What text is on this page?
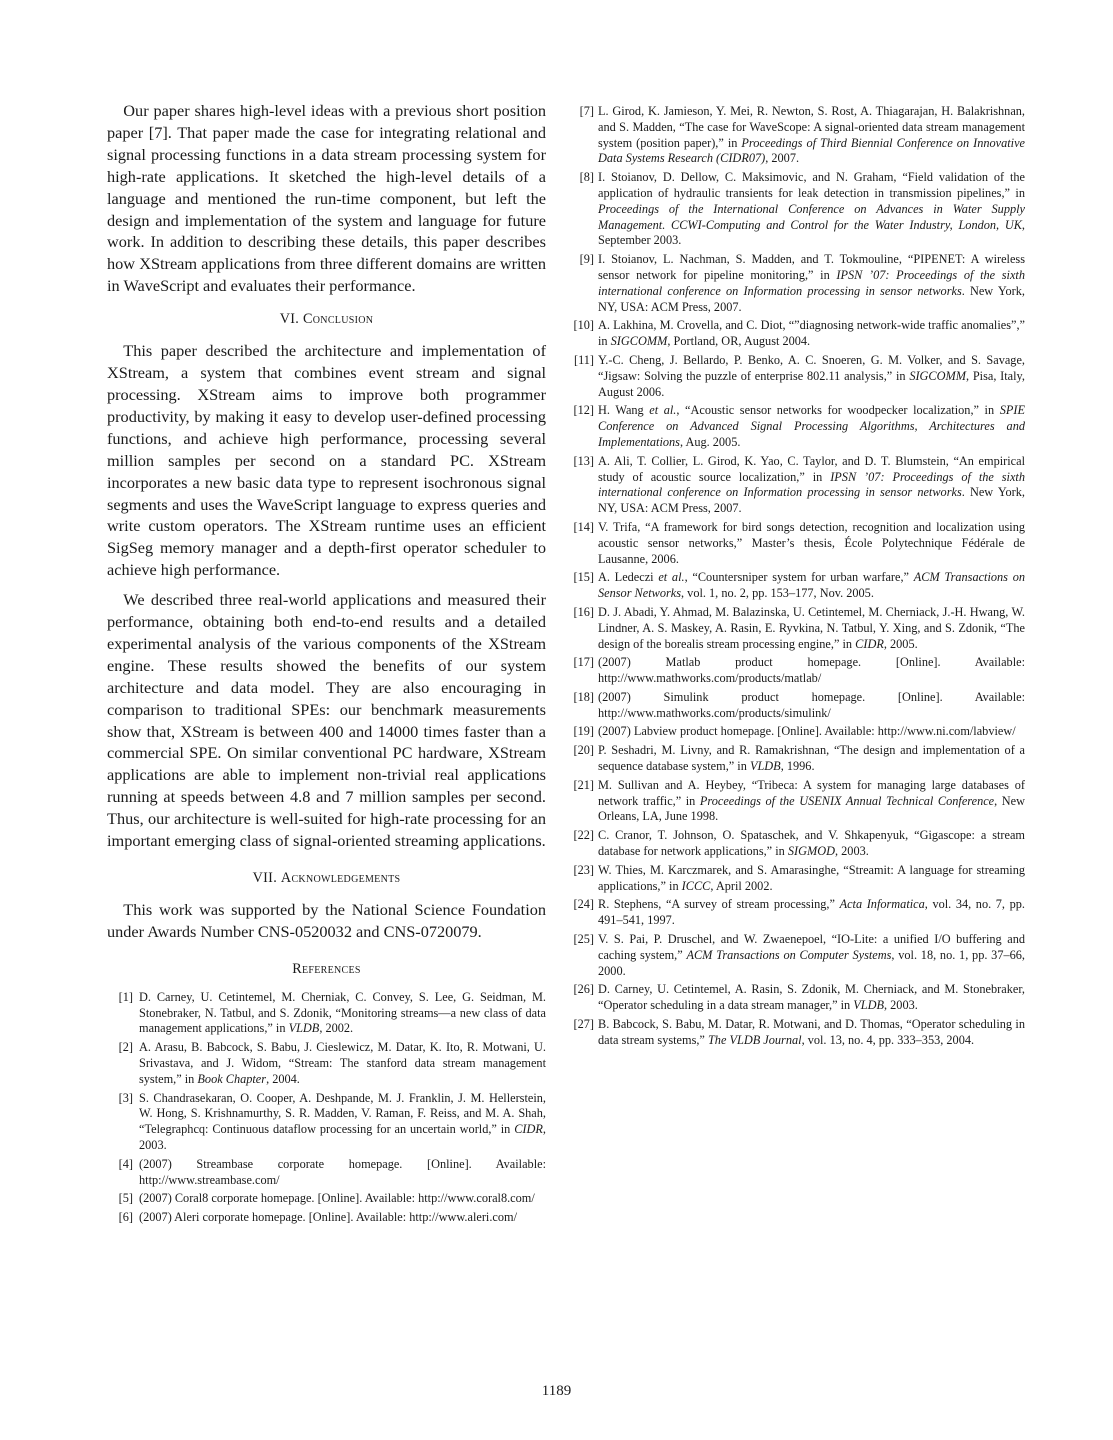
Our paper shares high-level ideas with a previous short position paper [7]. That paper made the case for integrating relational and signal processing functions in a data stream processing system for high-rate applications. It sketched the high-level details of a language and mentioned the run-time component, but left the design and implementation of the system and language for future work. In addition to describing these details, this paper describes how XStream applications from three different domains are written in WaveScript and evaluates their performance.

VI. Conclusion

This paper described the architecture and implementation of XStream, a system that combines event stream and signal processing. XStream aims to improve both programmer productivity, by making it easy to develop user-defined processing functions, and achieve high performance, processing several million samples per second on a standard PC. XStream incorporates a new basic data type to represent isochronous signal segments and uses the WaveScript language to express queries and write custom operators. The XStream runtime uses an efficient SigSeg memory manager and a depth-first operator scheduler to achieve high performance.

We described three real-world applications and measured their performance, obtaining both end-to-end results and a detailed experimental analysis of the various components of the XStream engine. These results showed the benefits of our system architecture and data model. They are also encouraging in comparison to traditional SPEs: our benchmark measurements show that, XStream is between 400 and 14000 times faster than a commercial SPE. On similar conventional PC hardware, XStream applications are able to implement non-trivial real applications running at speeds between 4.8 and 7 million samples per second. Thus, our architecture is well-suited for high-rate processing for an important emerging class of signal-oriented streaming applications.

VII. Acknowledgements

This work was supported by the National Science Foundation under Awards Number CNS-0520032 and CNS-0720079.

References
[1] D. Carney, U. Cetintemel, M. Cherniak, C. Convey, S. Lee, G. Seidman, M. Stonebraker, N. Tatbul, and S. Zdonik, “Monitoring streams—a new class of data management applications,” in VLDB, 2002.
[2] A. Arasu, B. Babcock, S. Babu, J. Cieslewicz, M. Datar, K. Ito, R. Motwani, U. Srivastava, and J. Widom, “Stream: The stanford data stream management system,” in Book Chapter, 2004.
[3] S. Chandrasekaran, O. Cooper, A. Deshpande, M. J. Franklin, J. M. Hellerstein, W. Hong, S. Krishnamurthy, S. R. Madden, V. Raman, F. Reiss, and M. A. Shah, “Telegraphcq: Continuous dataflow processing for an uncertain world,” in CIDR, 2003.
[4] (2007) Streambase corporate homepage. [Online]. Available: http://www.streambase.com/
[5] (2007) Coral8 corporate homepage. [Online]. Available: http://www.coral8.com/
[6] (2007) Aleri corporate homepage. [Online]. Available: http://www.aleri.com/
[7] L. Girod, K. Jamieson, Y. Mei, R. Newton, S. Rost, A. Thiagarajan, H. Balakrishnan, and S. Madden, “The case for WaveScope: A signal-oriented data stream management system (position paper),” in Proceedings of Third Biennial Conference on Innovative Data Systems Research (CIDR07), 2007.
[8] I. Stoianov, D. Dellow, C. Maksimovic, and N. Graham, “Field validation of the application of hydraulic transients for leak detection in transmission pipelines,” in Proceedings of the International Conference on Advances in Water Supply Management. CCWI-Computing and Control for the Water Industry, London, UK, September 2003.
[9] I. Stoianov, L. Nachman, S. Madden, and T. Tokmouline, “PIPENET: A wireless sensor network for pipeline monitoring,” in IPSN ’07: Proceedings of the sixth international conference on Information processing in sensor networks. New York, NY, USA: ACM Press, 2007.
[10] A. Lakhina, M. Crovella, and C. Diot, “”diagnosing network-wide traffic anomalies”,” in SIGCOMM, Portland, OR, August 2004.
[11] Y.-C. Cheng, J. Bellardo, P. Benko, A. C. Snoeren, G. M. Volker, and S. Savage, “Jigsaw: Solving the puzzle of enterprise 802.11 analysis,” in SIGCOMM, Pisa, Italy, August 2006.
[12] H. Wang et al., “Acoustic sensor networks for woodpecker localization,” in SPIE Conference on Advanced Signal Processing Algorithms, Architectures and Implementations, Aug. 2005.
[13] A. Ali, T. Collier, L. Girod, K. Yao, C. Taylor, and D. T. Blumstein, “An empirical study of acoustic source localization,” in IPSN ’07: Proceedings of the sixth international conference on Information processing in sensor networks. New York, NY, USA: ACM Press, 2007.
[14] V. Trifa, “A framework for bird songs detection, recognition and localization using acoustic sensor networks,” Master’s thesis, École Polytechnique Fédérale de Lausanne, 2006.
[15] A. Ledeczi et al., “Countersniper system for urban warfare,” ACM Transactions on Sensor Networks, vol. 1, no. 2, pp. 153–177, Nov. 2005.
[16] D. J. Abadi, Y. Ahmad, M. Balazinska, U. Cetintemel, M. Cherniack, J.-H. Hwang, W. Lindner, A. S. Maskey, A. Rasin, E. Ryvkina, N. Tatbul, Y. Xing, and S. Zdonik, “The design of the borealis stream processing engine,” in CIDR, 2005.
[17] (2007) Matlab product homepage. [Online]. Available: http://www.mathworks.com/products/matlab/
[18] (2007) Simulink product homepage. [Online]. Available: http://www.mathworks.com/products/simulink/
[19] (2007) Labview product homepage. [Online]. Available: http://www.ni.com/labview/
[20] P. Seshadri, M. Livny, and R. Ramakrishnan, “The design and implementation of a sequence database system,” in VLDB, 1996.
[21] M. Sullivan and A. Heybey, “Tribeca: A system for managing large databases of network traffic,” in Proceedings of the USENIX Annual Technical Conference, New Orleans, LA, June 1998.
[22] C. Cranor, T. Johnson, O. Spataschek, and V. Shkapenyuk, “Gigascope: a stream database for network applications,” in SIGMOD, 2003.
[23] W. Thies, M. Karczmarek, and S. Amarasinghe, “Streamit: A language for streaming applications,” in ICCC, April 2002.
[24] R. Stephens, “A survey of stream processing,” Acta Informatica, vol. 34, no. 7, pp. 491–541, 1997.
[25] V. S. Pai, P. Druschel, and W. Zwaenepoel, “IO-Lite: a unified I/O buffering and caching system,” ACM Transactions on Computer Systems, vol. 18, no. 1, pp. 37–66, 2000.
[26] D. Carney, U. Cetintemel, A. Rasin, S. Zdonik, M. Cherniack, and M. Stonebraker, “Operator scheduling in a data stream manager,” in VLDB, 2003.
[27] B. Babcock, S. Babu, M. Datar, R. Motwani, and D. Thomas, “Operator scheduling in data stream systems,” The VLDB Journal, vol. 13, no. 4, pp. 333–353, 2004.
1189
